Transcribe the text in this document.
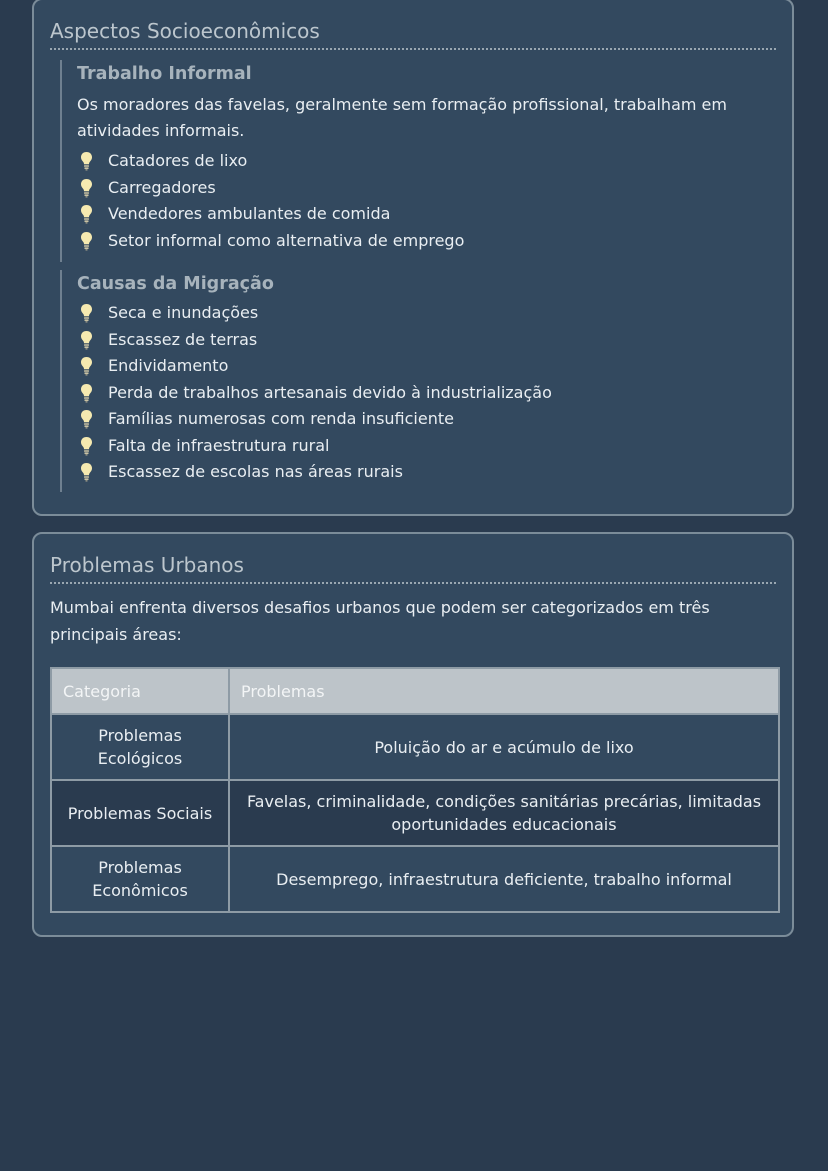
Aspectos Socioeconômicos
Trabalho Informal

Os moradores das favelas, geralmente sem formação profissional, trabalham em atividades informais.

Catadores de lixo
Carregadores
Vendedores ambulantes de comida
Setor informal como alternativa de emprego
Causas da Migração
Seca e inundações
Escassez de terras
Endividamento
Perda de trabalhos artesanais devido à industrialização
Famílias numerosas com renda insuficiente
Falta de infraestrutura rural
Escassez de escolas nas áreas rurais
Problemas Urbanos

Mumbai enfrenta diversos desafios urbanos que podem ser categorizados em três principais áreas:

Categoria	Problemas
Problemas Ecológicos	Poluição do ar e acúmulo de lixo
Problemas Sociais	Favelas, criminalidade, condições sanitárias precárias, limitadas oportunidades educacionais
Problemas Econômicos	Desemprego, infraestrutura deficiente, trabalho informal
